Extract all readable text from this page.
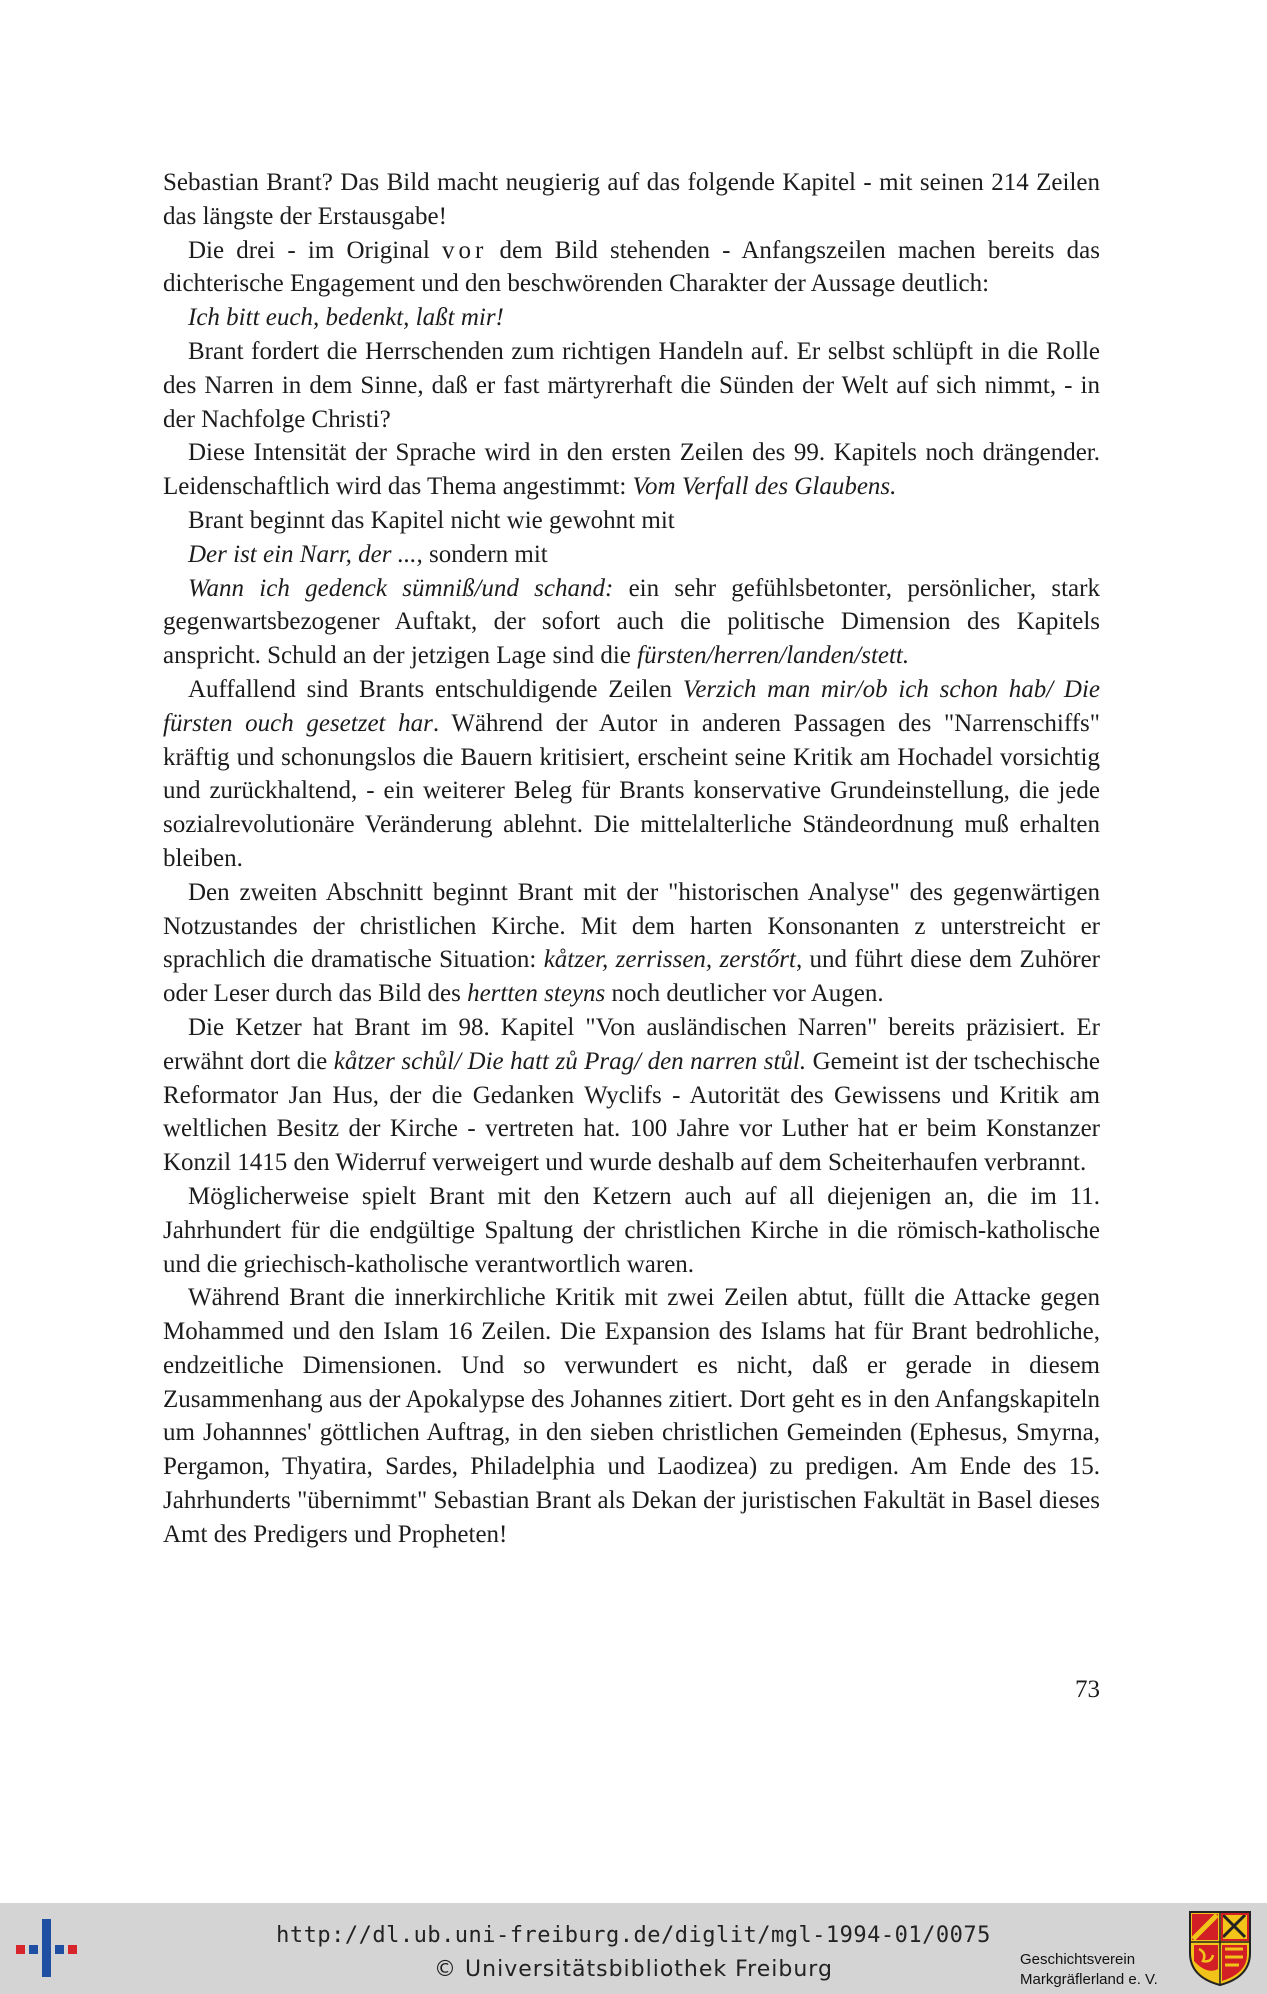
Sebastian Brant? Das Bild macht neugierig auf das folgende Kapitel - mit seinen 214 Zeilen das längste der Erstausgabe!

Die drei - im Original vor dem Bild stehenden - Anfangszeilen machen bereits das dichterische Engagement und den beschwörenden Charakter der Aussage deutlich:

Ich bitt euch, bedenkt, laßt mir!

Brant fordert die Herrschenden zum richtigen Handeln auf. Er selbst schlüpft in die Rolle des Narren in dem Sinne, daß er fast märtyrerhaft die Sünden der Welt auf sich nimmt, - in der Nachfolge Christi?

Diese Intensität der Sprache wird in den ersten Zeilen des 99. Kapitels noch drängender. Leidenschaftlich wird das Thema angestimmt: Vom Verfall des Glaubens.

Brant beginnt das Kapitel nicht wie gewohnt mit

Der ist ein Narr, der ..., sondern mit

Wann ich gedenck sümniß/und schand: ein sehr gefühlsbetonter, persönlicher, stark gegenwartsbezogener Auftakt, der sofort auch die politische Dimension des Kapitels anspricht. Schuld an der jetzigen Lage sind die fürsten/herren/landen/stett.

Auffallend sind Brants entschuldigende Zeilen Verzich man mir/ob ich schon hab/ Die fürsten ouch gesetzet har. Während der Autor in anderen Passagen des "Narrenschiffs" kräftig und schonungslos die Bauern kritisiert, erscheint seine Kritik am Hochadel vorsichtig und zurückhaltend, - ein weiterer Beleg für Brants konservative Grundeinstellung, die jede sozialrevolutionäre Veränderung ablehnt. Die mittelalterliche Ständeordnung muß erhalten bleiben.

Den zweiten Abschnitt beginnt Brant mit der "historischen Analyse" des gegenwärtigen Notzustandes der christlichen Kirche. Mit dem harten Konsonanten z unterstreicht er sprachlich die dramatische Situation: kåtzer, zerrissen, zerstőrt, und führt diese dem Zuhörer oder Leser durch das Bild des hertten steyns noch deutlicher vor Augen.

Die Ketzer hat Brant im 98. Kapitel "Von ausländischen Narren" bereits präzisiert. Er erwähnt dort die kåtzer schůl/ Die hatt zů Prag/ den narren stůl. Gemeint ist der tschechische Reformator Jan Hus, der die Gedanken Wyclifs - Autorität des Gewissens und Kritik am weltlichen Besitz der Kirche - vertreten hat. 100 Jahre vor Luther hat er beim Konstanzer Konzil 1415 den Widerruf verweigert und wurde deshalb auf dem Scheiterhaufen verbrannt.

Möglicherweise spielt Brant mit den Ketzern auch auf all diejenigen an, die im 11. Jahrhundert für die endgültige Spaltung der christlichen Kirche in die römisch-katholische und die griechisch-katholische verantwortlich waren.

Während Brant die innerkirchliche Kritik mit zwei Zeilen abtut, füllt die Attacke gegen Mohammed und den Islam 16 Zeilen. Die Expansion des Islams hat für Brant bedrohliche, endzeitliche Dimensionen. Und so verwundert es nicht, daß er gerade in diesem Zusammenhang aus der Apokalypse des Johannes zitiert. Dort geht es in den Anfangskapiteln um Johannnes' göttlichen Auftrag, in den sieben christlichen Gemeinden (Ephesus, Smyrna, Pergamon, Thyatira, Sardes, Philadelphia und Laodizea) zu predigen. Am Ende des 15. Jahrhunderts "übernimmt" Sebastian Brant als Dekan der juristischen Fakultät in Basel dieses Amt des Predigers und Propheten!

73
http://dl.ub.uni-freiburg.de/diglit/mgl-1994-01/0075
© Universitätsbibliothek Freiburg	Geschichtsverein
Markgräflerland e. V.
